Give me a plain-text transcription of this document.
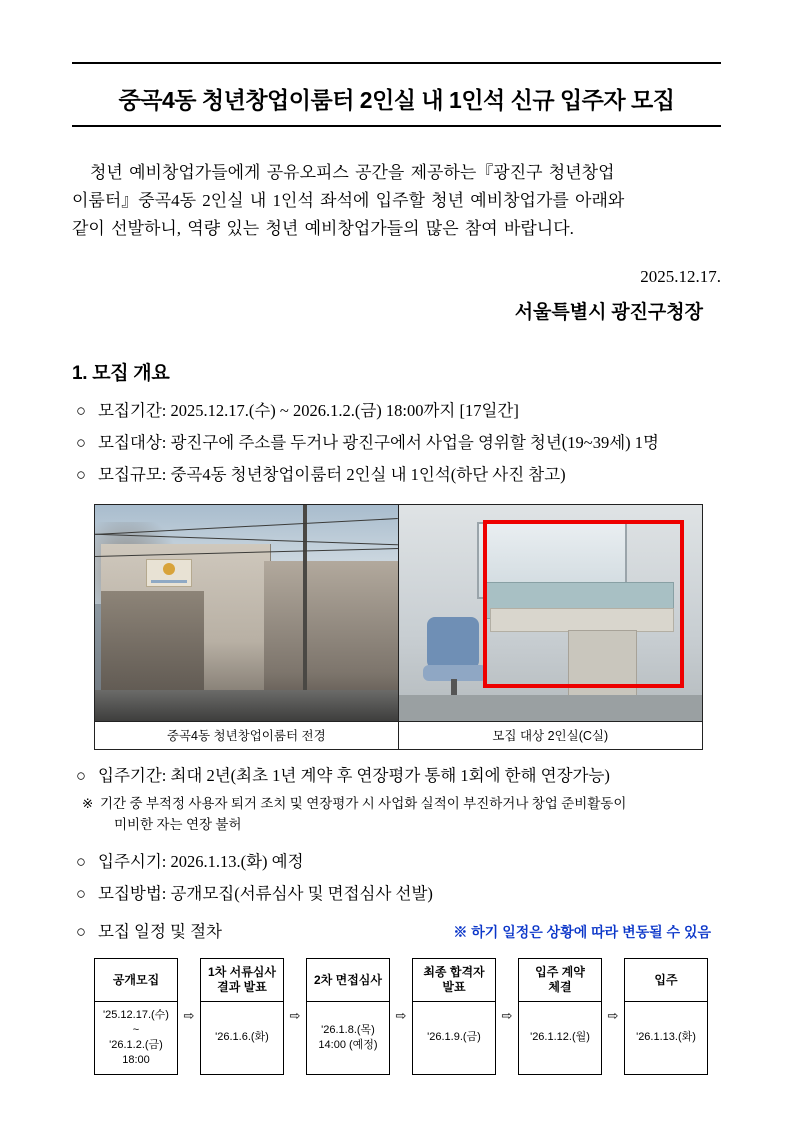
중곡4동 청년창업이룸터 2인실 내 1인석 신규 입주자 모집
청년 예비창업가들에게 공유오피스 공간을 제공하는『광진구 청년창업
이룸터』중곡4동 2인실 내 1인석 좌석에 입주할 청년 예비창업가를 아래와
같이 선발하니, 역량 있는 청년 예비창업가들의 많은 참여 바랍니다.
2025.12.17.
서울특별시 광진구청장
1. 모집 개요
○ 모집기간: 2025.12.17.(수) ~ 2026.1.2.(금) 18:00까지 [17일간]
○ 모집대상: 광진구에 주소를 두거나 광진구에서 사업을 영위할 청년(19~39세) 1명
○ 모집규모: 중곡4동 청년창업이룸터 2인실 내 1인석(하단 사진 참고)
중곡4동 청년창업이룸터 전경	모집 대상 2인실(C실)
○ 입주기간: 최대 2년(최초 1년 계약 후 연장평가 통해 1회에 한해 연장가능)
※ 기간 중 부적정 사용자 퇴거 조치 및 연장평가 시 사업화 실적이 부진하거나 창업 준비활동이
미비한 자는 연장 불허
○ 입주시기: 2026.1.13.(화) 예정
○ 모집방법: 공개모집(서류심사 및 면접심사 선발)
○ 모집 일정 및 절차	※ 하기 일정은 상황에 따라 변동될 수 있음
공개모집
'25.12.17.(수)
~
'26.1.2.(금) 18:00
⇨
1차 서류심사
결과 발표
'26.1.6.(화)
⇨
2차 면접심사
'26.1.8.(목)
14:00 (예정)
⇨
최종 합격자
발표
'26.1.9.(금)
⇨
입주 계약
체결
'26.1.12.(월)
⇨
입주
'26.1.13.(화)
